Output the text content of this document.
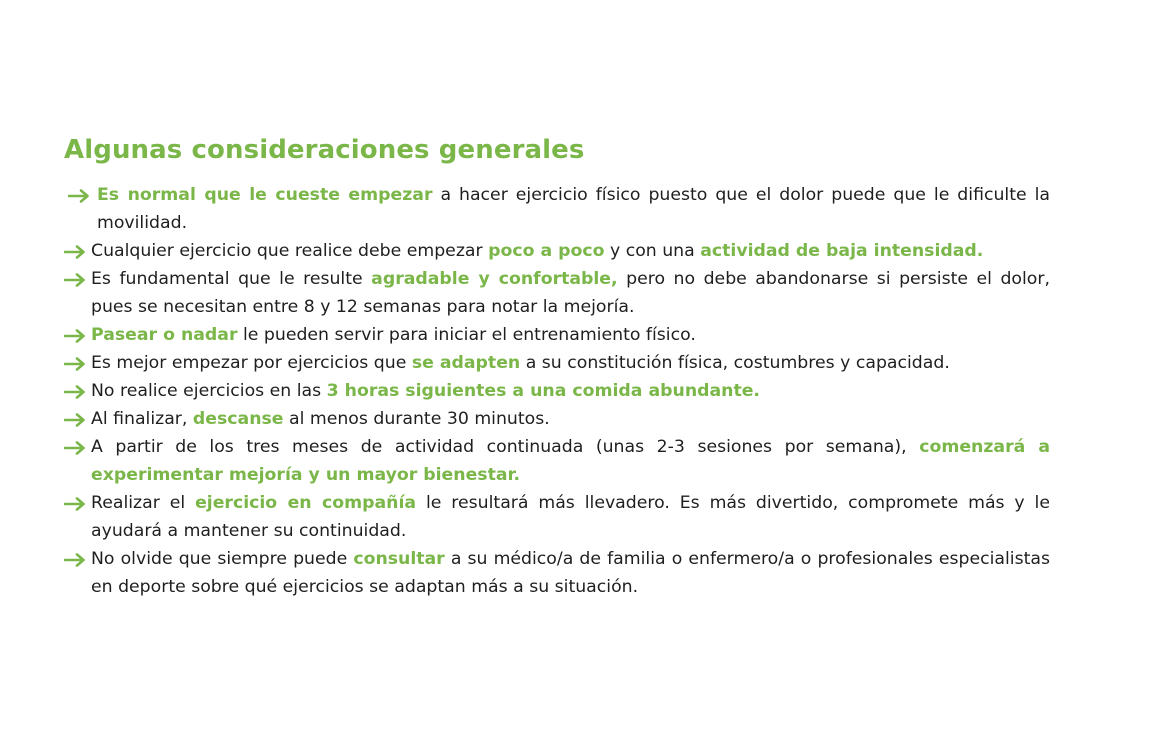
Algunas consideraciones generales
Es normal que le cueste empezar a hacer ejercicio físico puesto que el dolor puede que le dificulte la movilidad.
Cualquier ejercicio que realice debe empezar poco a poco y con una actividad de baja intensidad.
Es fundamental que le resulte agradable y confortable, pero no debe abandonarse si persiste el dolor, pues se necesitan entre 8 y 12 semanas para notar la mejoría.
Pasear o nadar le pueden servir para iniciar el entrenamiento físico.
Es mejor empezar por ejercicios que se adapten a su constitución física, costumbres y capacidad.
No realice ejercicios en las 3 horas siguientes a una comida abundante.
Al finalizar, descanse al menos durante 30 minutos.
A partir de los tres meses de actividad continuada (unas 2-3 sesiones por semana), comenzará a experimentar mejoría y un mayor bienestar.
Realizar el ejercicio en compañía le resultará más llevadero. Es más divertido, compromete más y le ayudará a mantener su continuidad.
No olvide que siempre puede consultar a su médico/a de familia o enfermero/a o profesionales especialistas en deporte sobre qué ejercicios se adaptan más a su situación.
